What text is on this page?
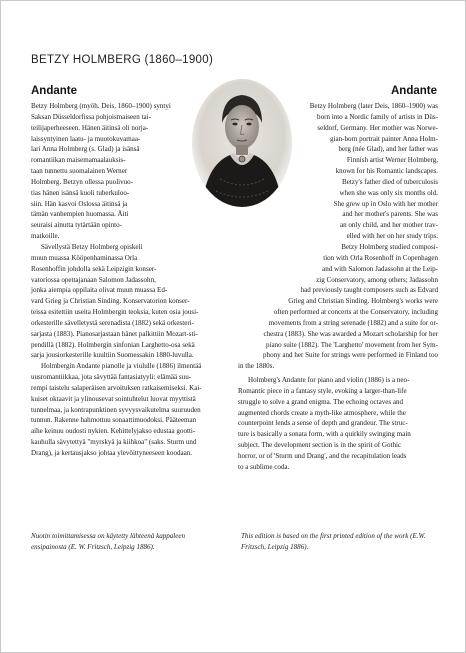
BETZY HOLMBERG (1860–1900)
Andante	Andante
Betzy Holmberg (myöh. Deis, 1860–1900) syntyi
Saksan Düsseldorfissa pohjoismaiseen tai-
teilijaperheeseen. Hänen äitinsä oli norja-
laissyntyinen laatu- ja muotokuvamaa-
lari Anna Holmberg (s. Glad) ja isänsä
romantiikan maisemamaalauksis-
taan tunnettu suomalainen Werner
Holmberg. Betzyn ollessa puolivuo-
tias hänen isänsä kuoli tuberkuloo-
siin. Hän kasvoi Oslossa äitinsä ja
tämän vanhempien huomassa. Äiti
seuraisi ainutta tytärtään opinto-
matkoille.
Sävellystä Betzy Holmberg opiskeli
muun muassa Kööpenhaminassa Orla
Rosenhoffin johdolla sekä Leipzigin konser-
vatoriossa opettajanaan Salomon Jadassohn,
jonka aiempia oppilaita olivat muun muassa Ed-
vard Grieg ja Christian Sinding. Konservatorion konser-
teissa esitettiin useita Holmbergin teoksia, kuten osia jousi-
orkesterille sävelletystä serenadista (1882) sekä orkesteri-
sarjasta (1883). Pianosarjastaan hänet palkittiin Mozart-sti-
pendillä (1882). Holmbergin sinfonian Larghetto-osa sekä
sarja jousiorkesterille kuultiin Suomessakin 1880-luvulla.
Holmbergin Andante pianolle ja viululle (1886) ilmentää
uusromantiikkaa, jota sävyttää fantasiatyyli: elämää suu-
rempi taistelu salaperäisen arvoituksen ratkaisemiseksi. Kai-
kuiset oktaavit ja ylinousevat sointuhtelut luovat myyttistä
tunnelmaa, ja kontrapunktinen syvyysvaikutelma suuruuden
tunnun. Rakenne hahmottuu sonaattimuodoksi. Pääteeman
aihe keinuu oudosti nykien. Kehittelyjakso edustaa gootti-
kauhulla sävytettyä "myrskyä ja kiihkoa" (saks. Sturm und
Drang), ja kertausjakso johtaa ylevöittyneeseen koodaan.
Betzy Holmberg (later Deis, 1860–1900) was
born into a Nordic family of artists in Düs-
seldorf, Germany. Her mother was Norwe-
gian-born portrait painter Anna Holm-
berg (née Glad), and her father was
Finnish artist Werner Holmberg,
known for his Romantic landscapes.
Betzy's father died of tuberculosis
when she was only six months old.
She grew up in Oslo with her mother
and her mother's parents. She was
an only child, and her mother trav-
elled with her on her study trips.
Betzy Holmberg studied composi-
tion with Orla Rosenhoff in Copenhagen
and with Salomon Jadassohn at the Leip-
zig Conservatory, among others; Jadassohn
had previously taught composers such as Edvard
Grieg and Christian Sinding. Holmberg's works were
often performed at concerts at the Conservatory, including
movements from a string serenade (1882) and a suite for or-
chestra (1883). She was awarded a Mozart scholarship for her
piano suite (1882). The 'Larghetto' movement from her Sym-
phony and her Suite for strings were performed in Finland too
in the 1880s.
Holmberg's Andante for piano and violin (1886) is a neo-
Romantic piece in a fantasy style, evoking a larger-than-life
struggle to solve a grand enigma. The echoing octaves and
augmented chords create a myth-like atmosphere, while the
counterpoint lends a sense of depth and grandeur. The struc-
ture is basically a sonata form, with a quirkily swinging main
subject. The development section is in the spirit of Gothic
horror, or of 'Sturm und Drang', and the recapitulation leads
to a sublime coda.
Nuotin toimittamisessa on käytetty lähteenä kappaleen ensipainosta (E. W. Fritzsch, Leipzig 1886).
This edition is based on the first printed edition of the work (E.W. Fritzsch, Leipzig 1886).
